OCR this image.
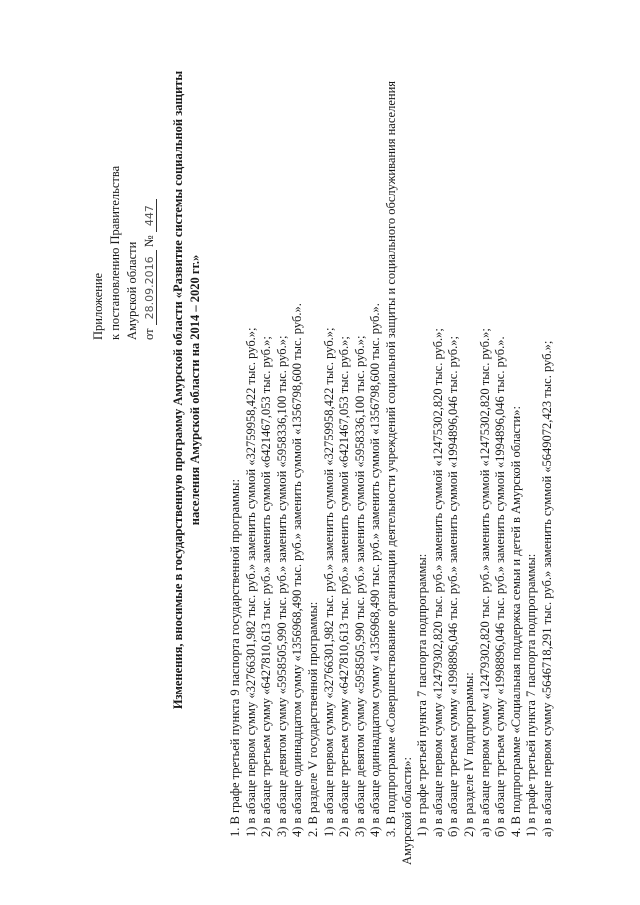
Приложение к постановлению Правительства Амурской области от 28.09.2016 № 447 Изменения, вносимые в государственную программу Амурской области «Развитие системы социальной защиты населения Амурской области на 2014 – 2020 гг.»

1. В графе третьей пункта 9 паспорта государственной программы: 1) в абзаце первом сумму «32766301,982 тыс. руб.» заменить суммой «32759958,422 тыс. руб.»; 2) в абзаце третьем сумму «6427810,613 тыс. руб.» заменить суммой «6421467,053 тыс. руб.»; 3) в абзаце девятом сумму «5958505,990 тыс. руб.» заменить суммой «5958336,100 тыс. руб.»; 4) в абзаце одиннадцатом сумму «1356968,490 тыс. руб.» заменить суммой «1356798,600 тыс. руб.». 2. В разделе V государственной программы: 1) в абзаце первом сумму «32766301,982 тыс. руб.» заменить суммой «32759958,422 тыс. руб.»; 2) в абзаце третьем сумму «6427810,613 тыс. руб.» заменить суммой «6421467,053 тыс. руб.»; 3) в абзаце девятом сумму «5958505,990 тыс. руб.» заменить суммой «5958336,100 тыс. руб.»; 4) в абзаце одиннадцатом сумму «1356968,490 тыс. руб.» заменить суммой «1356798,600 тыс. руб.». 3. В подпрограмме «Совершенствование организации деятельности учреждений социальной защиты и социального обслуживания населения Амурской области»: 1) в графе третьей пункта 7 паспорта подпрограммы: а) в абзаце первом сумму «12479302,820 тыс. руб.» заменить суммой «12475302,820 тыс. руб.»; б) в абзаце третьем сумму «1998896,046 тыс. руб.» заменить суммой «1994896,046 тыс. руб.»; 2) в разделе IV подпрограммы: а) в абзаце первом сумму «12479302,820 тыс. руб.» заменить суммой «12475302,820 тыс. руб.»; б) в абзаце третьем сумму «1998896,046 тыс. руб.» заменить суммой «1994896,046 тыс. руб.». 4. В подпрограмме «Социальная поддержка семьи и детей в Амурской области»: 1) в графе третьей пункта 7 паспорта подпрограммы: а) в абзаце первом сумму «5646718,291 тыс. руб.» заменить суммой «5649072,423 тыс. руб.»;
